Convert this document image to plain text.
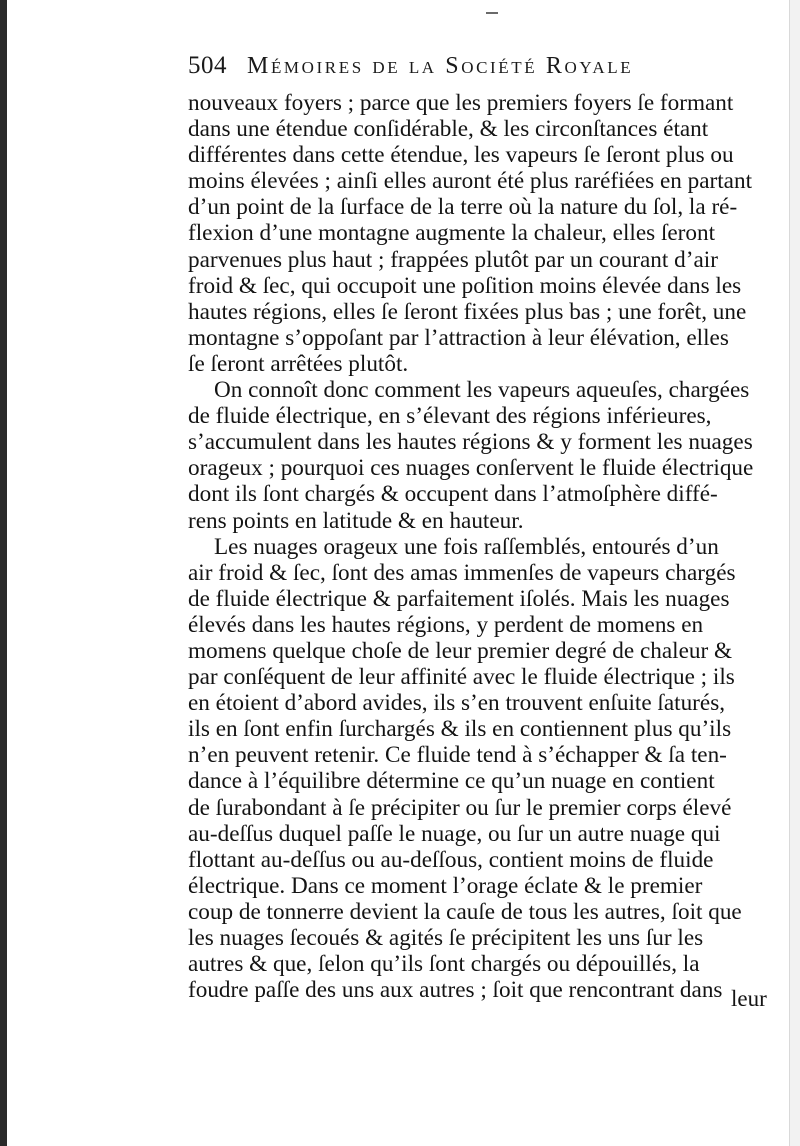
504 Mémoires de la Société Royale
nouveaux foyers ; parce que les premiers foyers ſe formant
dans une étendue conſidérable, & les circonſtances étant
différentes dans cette étendue, les vapeurs ſe ſeront plus ou
moins élevées ; ainſi elles auront été plus raréfiées en partant
d’un point de la ſurface de la terre où la nature du ſol, la ré-
flexion d’une montagne augmente la chaleur, elles ſeront
parvenues plus haut ; frappées plutôt par un courant d’air
froid & ſec, qui occupoit une poſition moins élevée dans les
hautes régions, elles ſe ſeront fixées plus bas ; une forêt, une
montagne s’oppoſant par l’attraction à leur élévation, elles
ſe ſeront arrêtées plutôt.
On connoît donc comment les vapeurs aqueuſes, chargées
de fluide électrique, en s’élevant des régions inférieures,
s’accumulent dans les hautes régions & y forment les nuages
orageux ; pourquoi ces nuages conſervent le fluide électrique
dont ils ſont chargés & occupent dans l’atmoſphère diffé-
rens points en latitude & en hauteur.
Les nuages orageux une fois raſſemblés, entourés d’un
air froid & ſec, ſont des amas immenſes de vapeurs chargés
de fluide électrique & parfaitement iſolés. Mais les nuages
élevés dans les hautes régions, y perdent de momens en
momens quelque choſe de leur premier degré de chaleur &
par conſéquent de leur affinité avec le fluide électrique ; ils
en étoient d’abord avides, ils s’en trouvent enſuite ſaturés,
ils en ſont enfin ſurchargés & ils en contiennent plus qu’ils
n’en peuvent retenir. Ce fluide tend à s’échapper & ſa ten-
dance à l’équilibre détermine ce qu’un nuage en contient
de ſurabondant à ſe précipiter ou ſur le premier corps élevé
au-deſſus duquel paſſe le nuage, ou ſur un autre nuage qui
flottant au-deſſus ou au-deſſous, contient moins de fluide
électrique. Dans ce moment l’orage éclate & le premier
coup de tonnerre devient la cauſe de tous les autres, ſoit que
les nuages ſecoués & agités ſe précipitent les uns ſur les
autres & que, ſelon qu’ils ſont chargés ou dépouillés, la
foudre paſſe des uns aux autres ; ſoit que rencontrant dans leur
